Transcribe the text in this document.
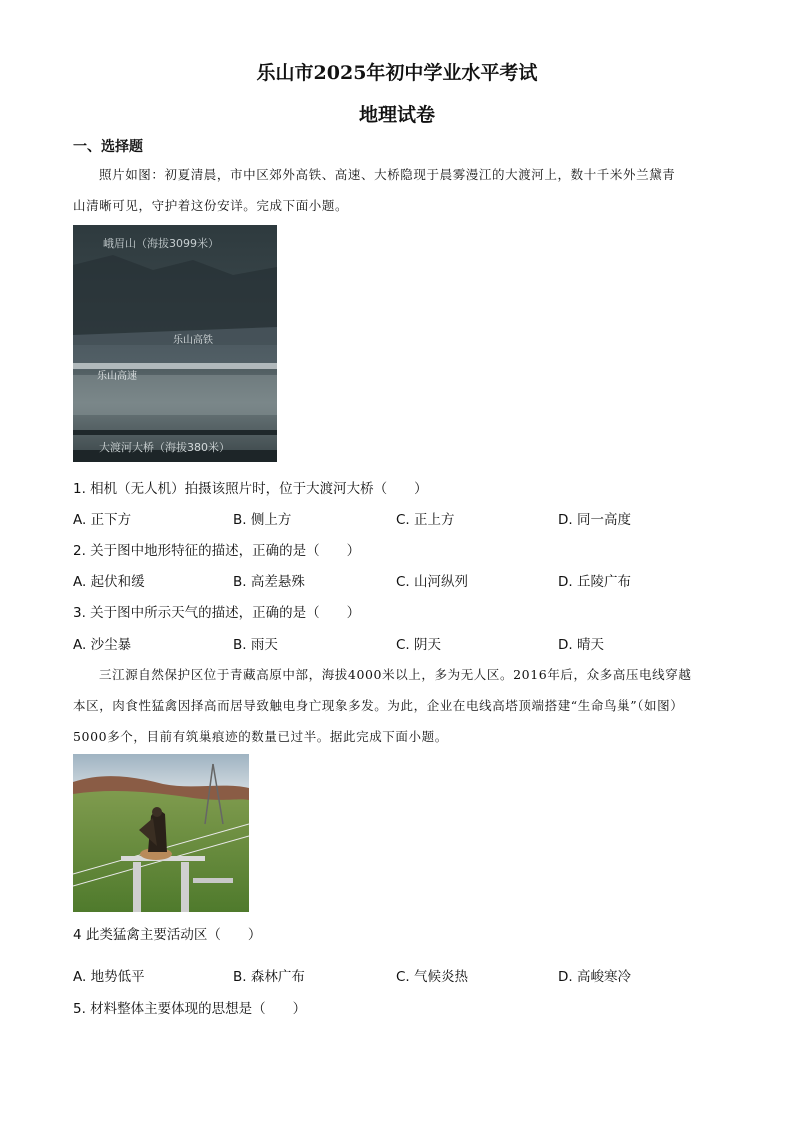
乐山市2025年初中学业水平考试
地理试卷
一、选择题
照片如图：初夏清晨，市中区郊外高铁、高速、大桥隐现于晨雾漫江的大渡河上，数十千米外兰黛青
山清晰可见，守护着这份安详。完成下面小题。
峨眉山（海拔3099米）
乐山高铁
乐山高速
大渡河大桥（海拔380米）
1. 相机（无人机）拍摄该照片时，位于大渡河大桥（　　）
A. 正下方	B. 侧上方	C. 正上方	D. 同一高度
2. 关于图中地形特征的描述，正确的是（　　）
A. 起伏和缓	B. 高差悬殊	C. 山河纵列	D. 丘陵广布
3. 关于图中所示天气的描述，正确的是（　　）
A. 沙尘暴	B. 雨天	C. 阴天	D. 晴天
三江源自然保护区位于青藏高原中部，海拔4000米以上，多为无人区。2016年后，众多高压电线穿越
本区，肉食性猛禽因择高而居导致触电身亡现象多发。为此，企业在电线高塔顶端搭建“生命鸟巢”（如图）
5000多个，目前有筑巢痕迹的数量已过半。据此完成下面小题。
4 此类猛禽主要活动区（　　）
A. 地势低平	B. 森林广布	C. 气候炎热	D. 高峻寒冷
5. 材料整体主要体现的思想是（　　）
